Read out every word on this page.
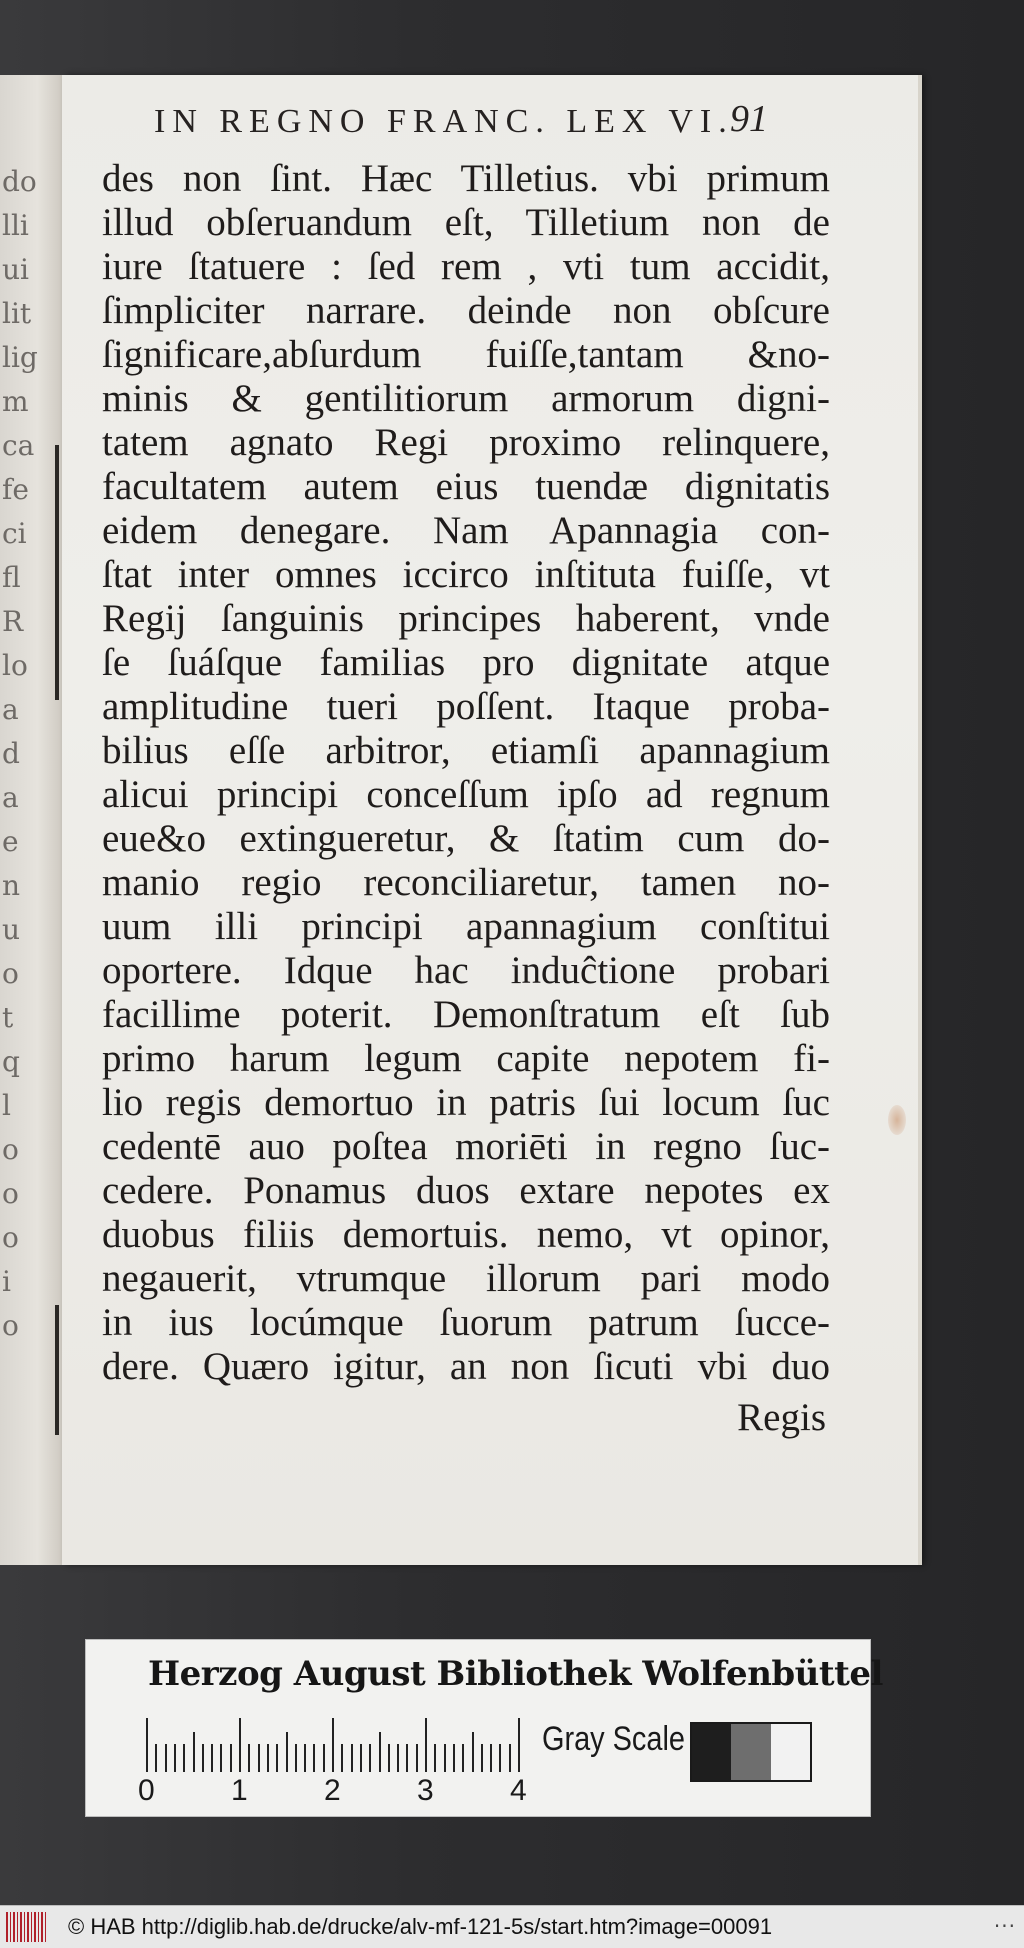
do
lli
ui
lit
lig
m
ca
fe
ci
fl
R
lo
a
d
a
e
n
u
o
t
q
l
o
o
o
i
o
IN REGNO FRANC. LEX VI.
91
des non ſint. Hæc Tilletius. vbi primum
illud obſeruandum eſt, Tilletium non de
iure ſtatuere : ſed rem , vti tum accidit,
ſimpliciter narrare. deinde non obſcure
ſignificare,abſurdum fuiſſe,tantam &no-
minis & gentilitiorum armorum digni-
tatem agnato Regi proximo relinquere,
facultatem autem eius tuendæ dignitatis
eidem denegare. Nam Apannagia con-
ſtat inter omnes iccirco inſtituta fuiſſe, vt
Regij ſanguinis principes haberent, vnde
ſe ſuáſque familias pro dignitate atque
amplitudine tueri poſſent. Itaque proba-
bilius eſſe arbitror, etiamſi apannagium
alicui principi conceſſum ipſo ad regnum
eue&o extingueretur, & ſtatim cum do-
manio regio reconciliaretur, tamen no-
uum illi principi apannagium conſtitui
oportere. Idque hac induĉtione probari
facillime poterit. Demonſtratum eſt ſub
primo harum legum capite nepotem fi-
lio regis demortuo in patris ſui locum ſuc
cedentē auo poſtea moriēti in regno ſuc-
cedere. Ponamus duos extare nepotes ex
duobus filiis demortuis. nemo, vt opinor,
negauerit, vtrumque illorum pari modo
in ius locúmque ſuorum patrum ſucce-
dere. Quæro igitur, an non ſicuti vbi duo
Regis
Herzog August Bibliothek Wolfenbüttel
0	1	2	3	4
Gray Scale
© HAB http://diglib.hab.de/drucke/alv-mf-121-5s/start.htm?image=00091	···
